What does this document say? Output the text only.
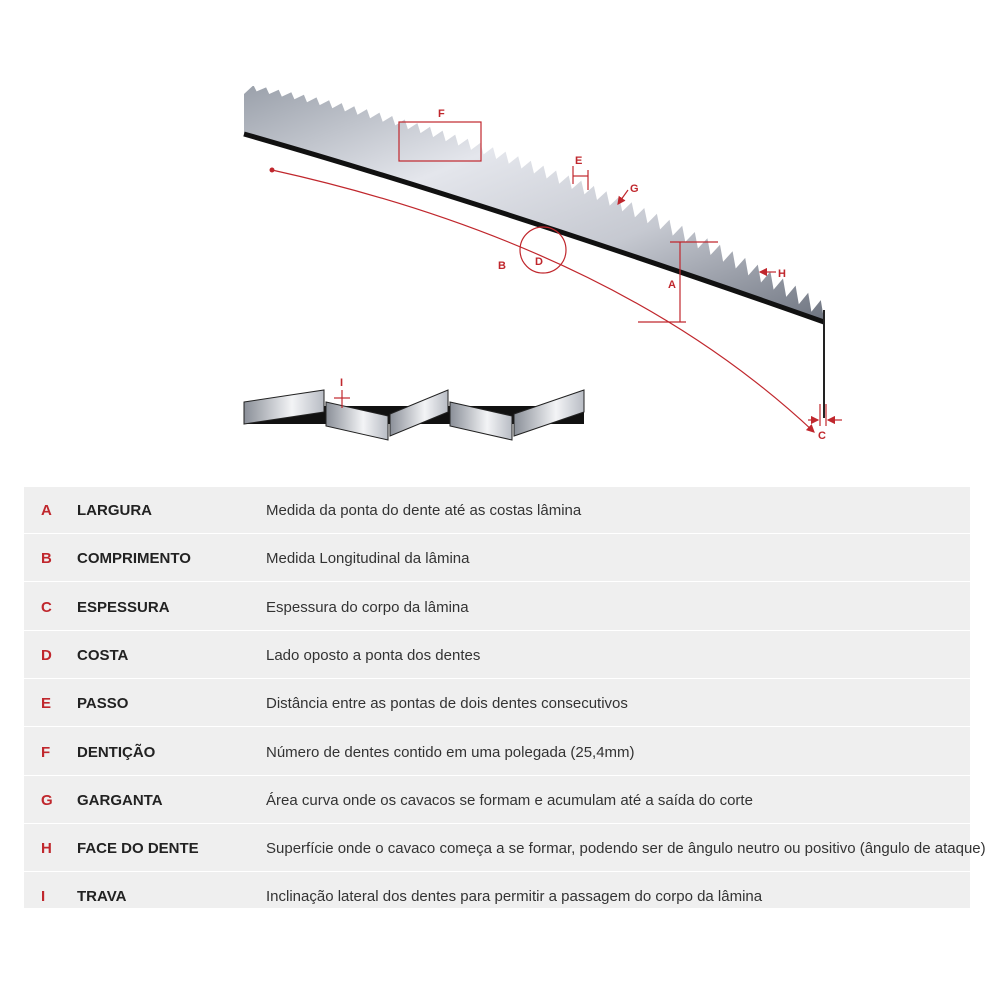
B
F
E
G
D
A
H
C
I
A LARGURA	Medida da ponta do dente até as costas lâmina
B COMPRIMENTO	Medida Longitudinal da lâmina
C ESPESSURA	Espessura do corpo da lâmina
D COSTA	Lado oposto a ponta dos dentes
E PASSO	Distância entre as pontas de dois dentes consecutivos
F DENTIÇÃO	Número de dentes contido em uma polegada (25,4mm)
G GARGANTA	Área curva onde os cavacos se formam e acumulam até a saída do corte
H FACE DO DENTE	Superfície onde o cavaco começa a se formar, podendo ser de ângulo neutro ou positivo (ângulo de ataque)
I TRAVA	Inclinação lateral dos dentes para permitir a passagem do corpo da lâmina
